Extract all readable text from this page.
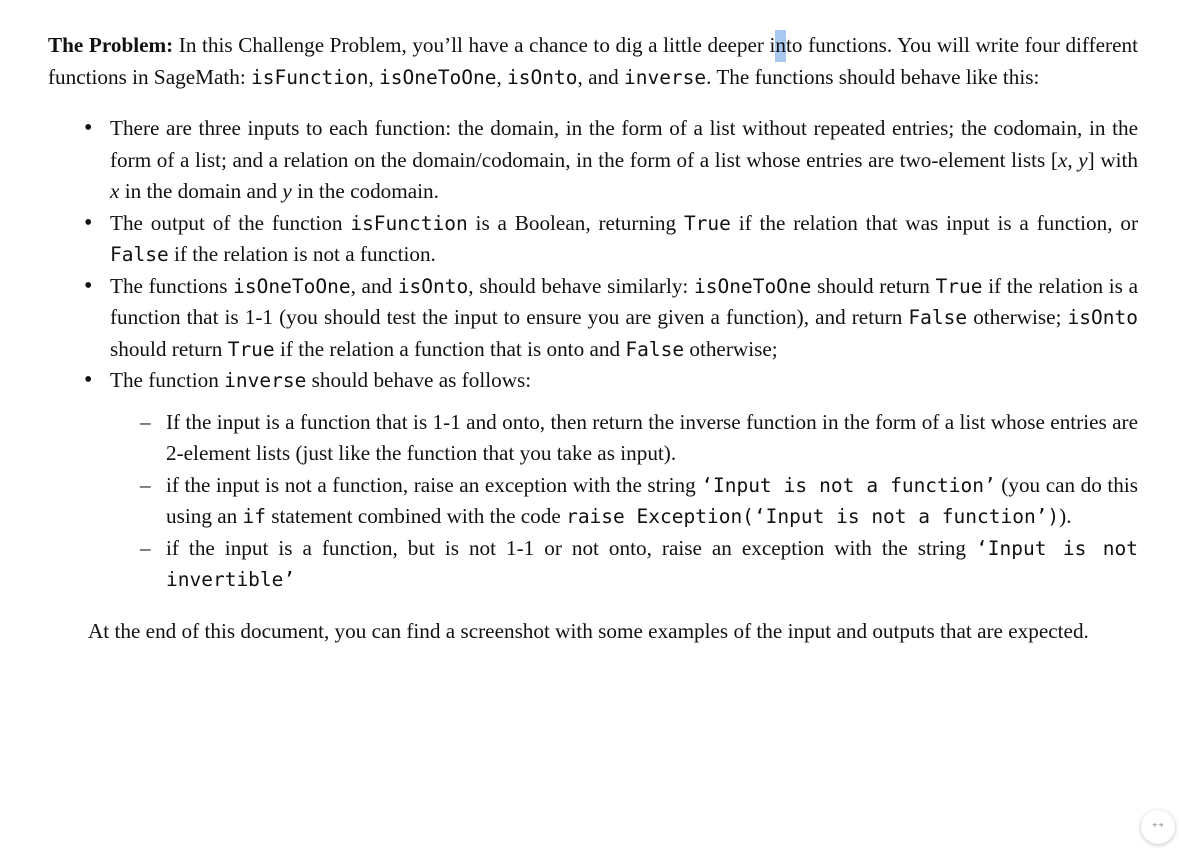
The Problem: In this Challenge Problem, you’ll have a chance to dig a little deeper into functions. You will write four different functions in SageMath: isFunction, isOneToOne, isOnto, and inverse. The functions should behave like this:

• There are three inputs to each function: the domain, in the form of a list without repeated entries; the codomain, in the form of a list; and a relation on the domain/codomain, in the form of a list whose entries are two-element lists [x, y] with x in the domain and y in the codomain.
• The output of the function isFunction is a Boolean, returning True if the relation that was input is a function, or False if the relation is not a function.
• The functions isOneToOne, and isOnto, should behave similarly: isOneToOne should return True if the relation is a function that is 1-1 (you should test the input to ensure you are given a function), and return False otherwise; isOnto should return True if the relation a function that is onto and False otherwise;
• The function inverse should behave as follows:
– If the input is a function that is 1-1 and onto, then return the inverse function in the form of a list whose entries are 2-element lists (just like the function that you take as input).
– if the input is not a function, raise an exception with the string ‘Input is not a function’ (you can do this using an if statement combined with the code raise Exception(‘Input is not a function’)).
– if the input is a function, but is not 1-1 or not onto, raise an exception with the string ‘Input is not invertible’

At the end of this document, you can find a screenshot with some examples of the input and outputs that are expected.

⁺⁺
